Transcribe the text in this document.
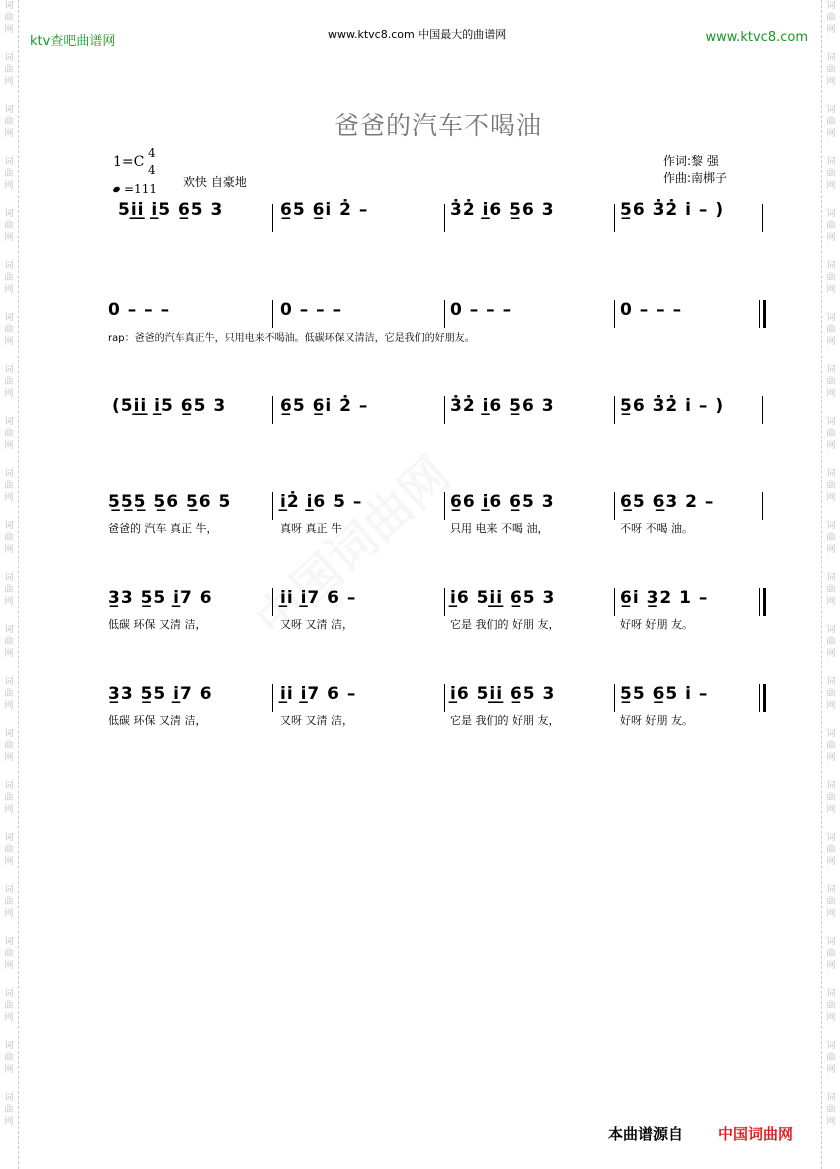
词
曲
网
词
曲
网
词
曲
网
词
曲
网
词
曲
网
词
曲
网
词
曲
网
词
曲
网
词
曲
网
词
曲
网
词
曲
网
词
曲
网
词
曲
网
词
曲
网
词
曲
网
词
曲
网
词
曲
网
词
曲
网
词
曲
网
词
曲
网
词
曲
网
词
曲
网
词
曲
网
词
曲
网
词
曲
网
词
曲
网
词
曲
网
词
曲
网
词
曲
网
词
曲
网
词
曲
网
词
曲
网
词
曲
网
词
曲
网
词
曲
网
词
曲
网
词
曲
网
词
曲
网
词
曲
网
词
曲
网
词
曲
网
词
曲
网
词
曲
网
词
曲
网
ktv查吧曲谱网	www.ktvc8.com 中国最大的曲谱网	www.ktvc8.com
爸爸的汽车不喝油
1=C
4
4
=111 欢快 自豪地
作词:黎 强
作曲:南梆子
5i̲i̲ i̲5 6̲5 3	6̲5 6̲i 2̇ –	3̇2̇ i̲6 5̲6 3	5̲6 3̇2̇ i – )
0 – – –	0 – – –	0 – – –	0 – – –
rap：爸爸的汽车真正牛，只用电来不喝油。低碳环保又清洁，它是我们的好朋友。
(5i̲i̲ i̲5 6̲5 3	6̲5 6̲i 2̇ –	3̇2̇ i̲6 5̲6 3	5̲6 3̇2̇ i – )
5̲5̲5̲ 5̲6 5̲6 5	i̲2̇ i̲6 5 –	6̲6 i̲6 6̲5 3	6̲5 6̲3 2 –
爸爸的 汽车 真正 牛，	真呀 真正 牛	只用 电来 不喝 油，	不呀 不喝 油。
3̲3 5̲5 i̲7 6	i̲i i̲7 6 –	i̲6 5i̲i̲ 6̲5 3	6̲i 3̲2 1 –
低碳 环保 又清 洁，	又呀 又清 洁，	它是 我们的 好朋 友，	好呀 好朋 友。
3̲3 5̲5 i̲7 6	i̲i i̲7 6 –	i̲6 5i̲i̲ 6̲5 3	5̲5 6̲5 i –
低碳 环保 又清 洁，	又呀 又清 洁，	它是 我们的 好朋 友，	好呀 好朋 友。
本曲谱源自 中国词曲网
